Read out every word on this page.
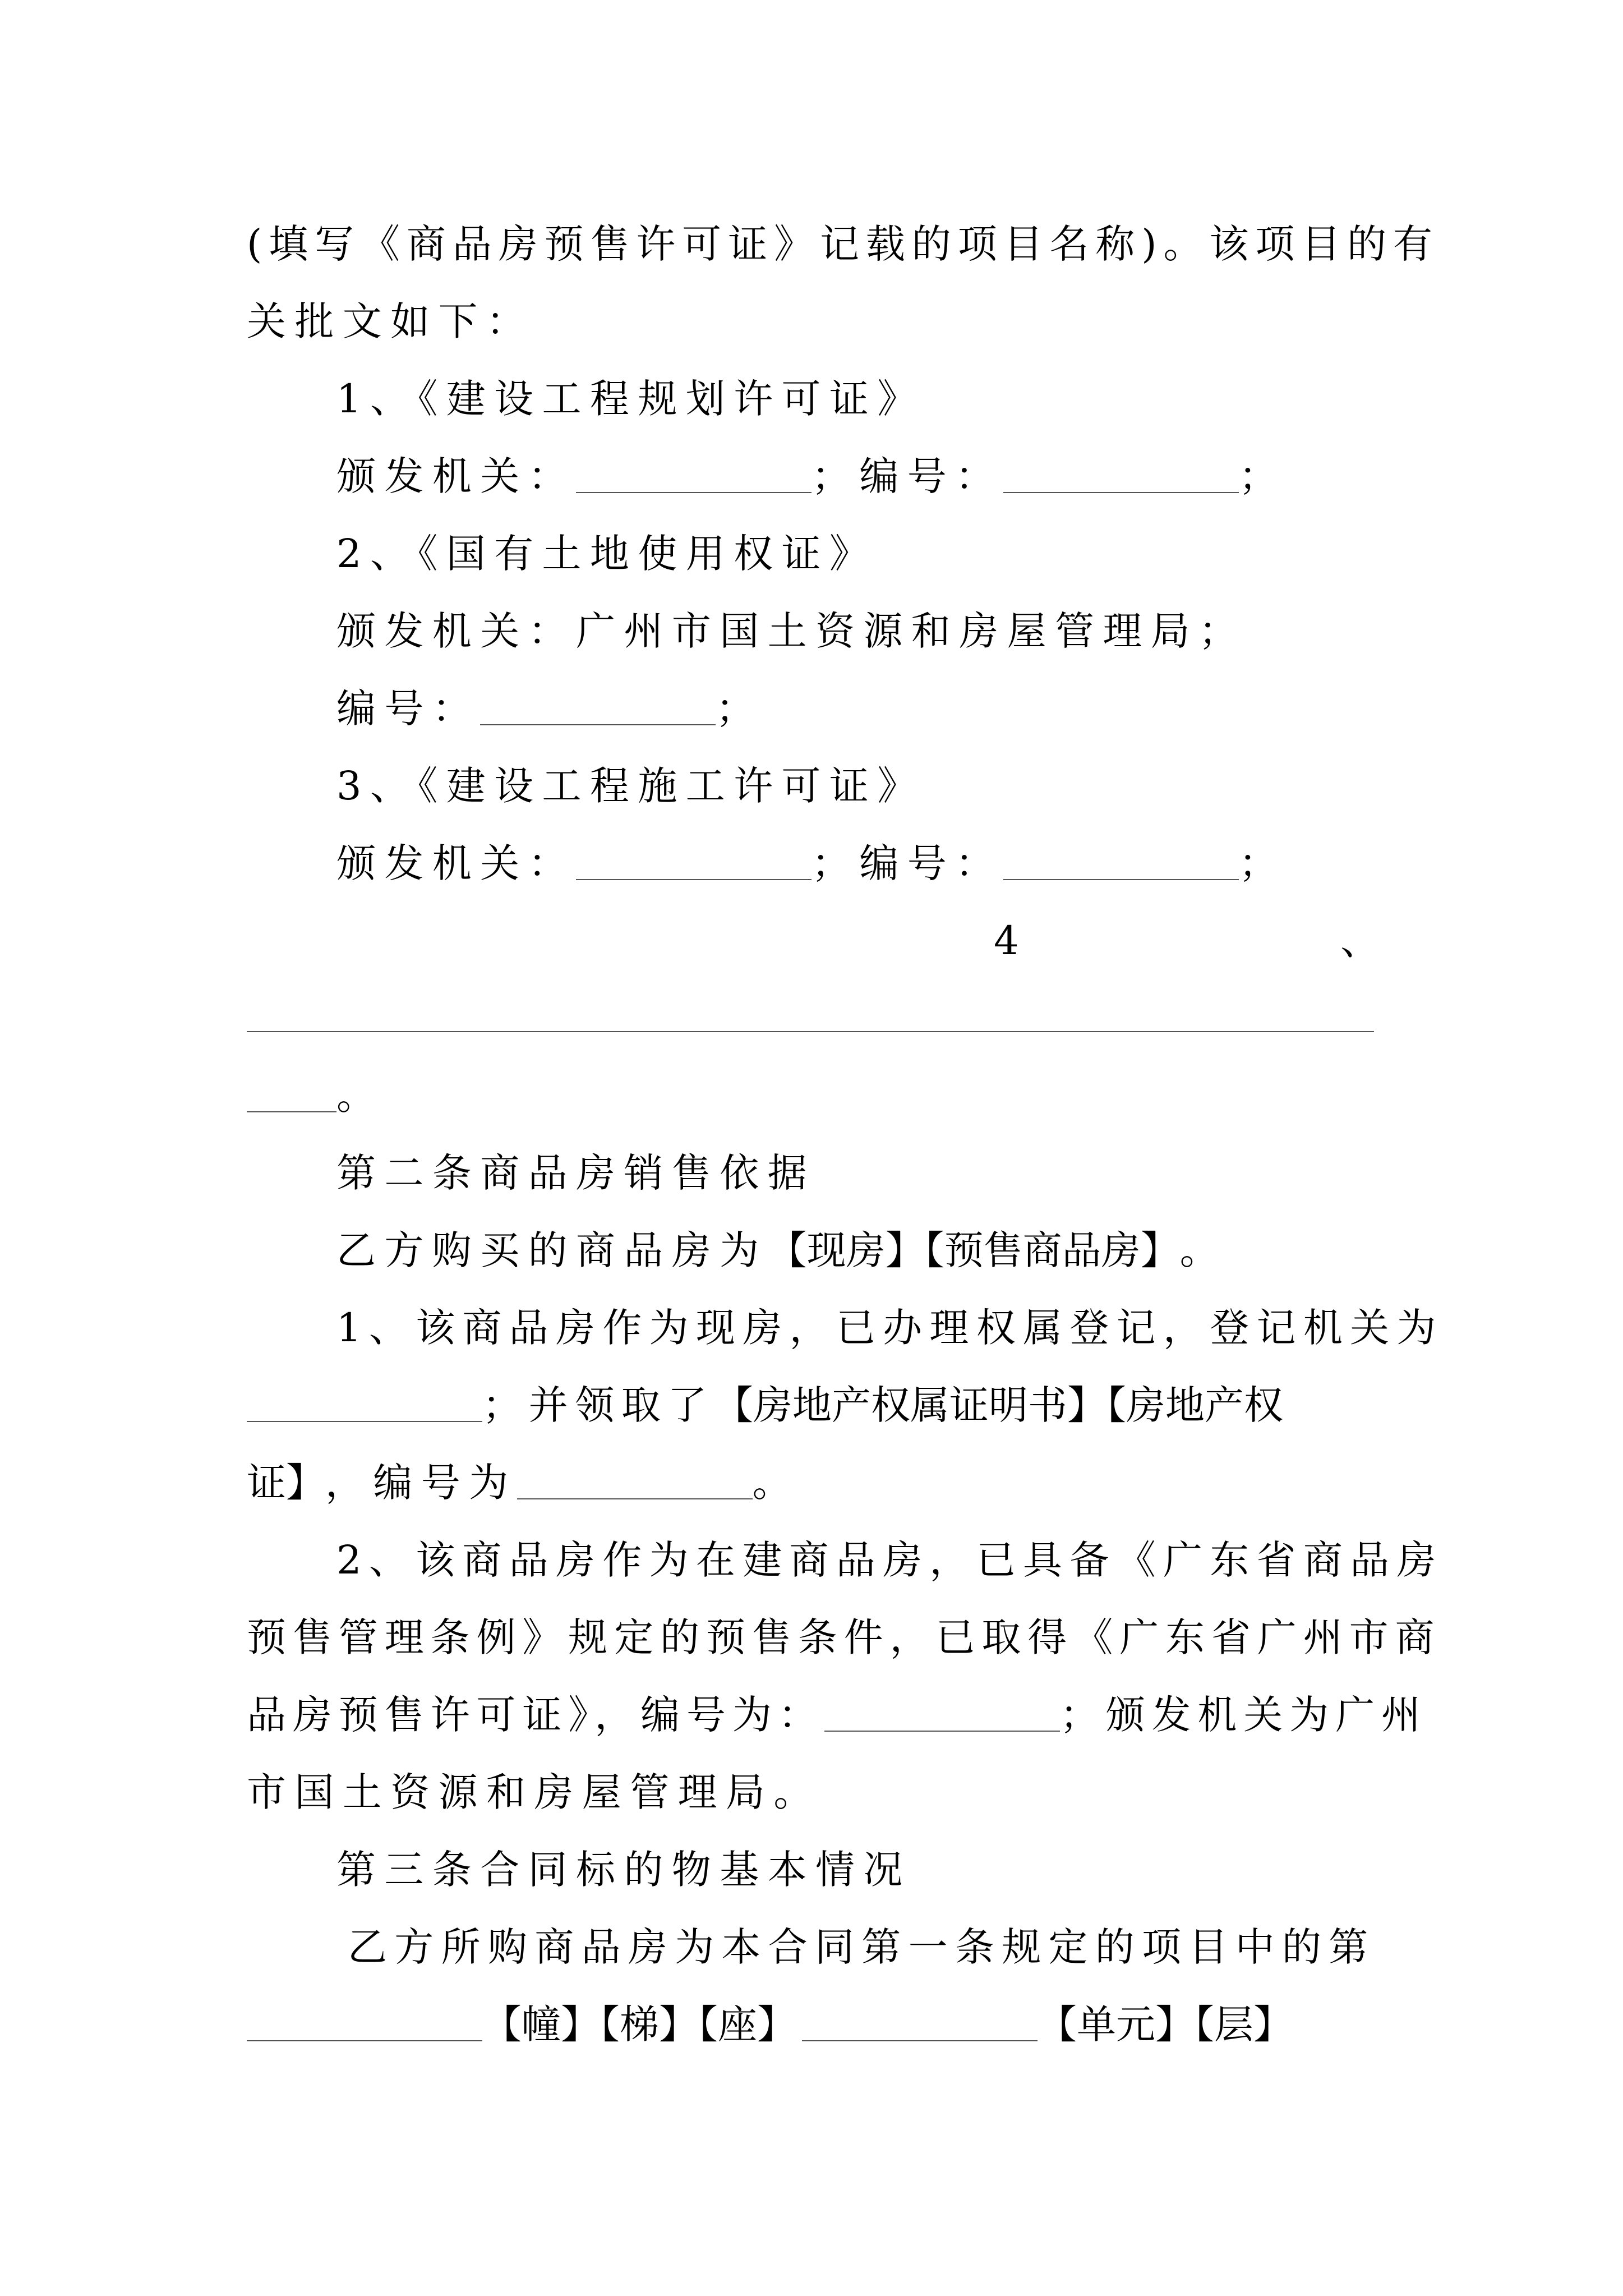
(填写《商品房预售许可证》记载的项目名称)。该项目的有
关批文如下：
1、《建设工程规划许可证》
颁发机关：	；编号：	；
2、《国有土地使用权证》
颁发机关：广州市国土资源和房屋管理局；
编号：	；
3、《建设工程施工许可证》
颁发机关：	；编号：	；
4	、
。
第二条商品房销售依据
乙方购买的商品房为 【现房】【预售商品房】 。
1、该商品房作为现房，已办理权属登记，登记机关为
；并领取了 【房地产权属证明书】【房地产权
证】 ，编号为	。
2、该商品房作为在建商品房，已具备《广东省商品房
预售管理条例》规定的预售条件，已取得《广东省广州市商
品房预售许可证》，编号为：	；颁发机关为广州
市国土资源和房屋管理局。
第三条合同标的物基本情况
乙方所购商品房为本合同第一条规定的项目中的第
【幢】【梯】【座】	【单元】【层】
